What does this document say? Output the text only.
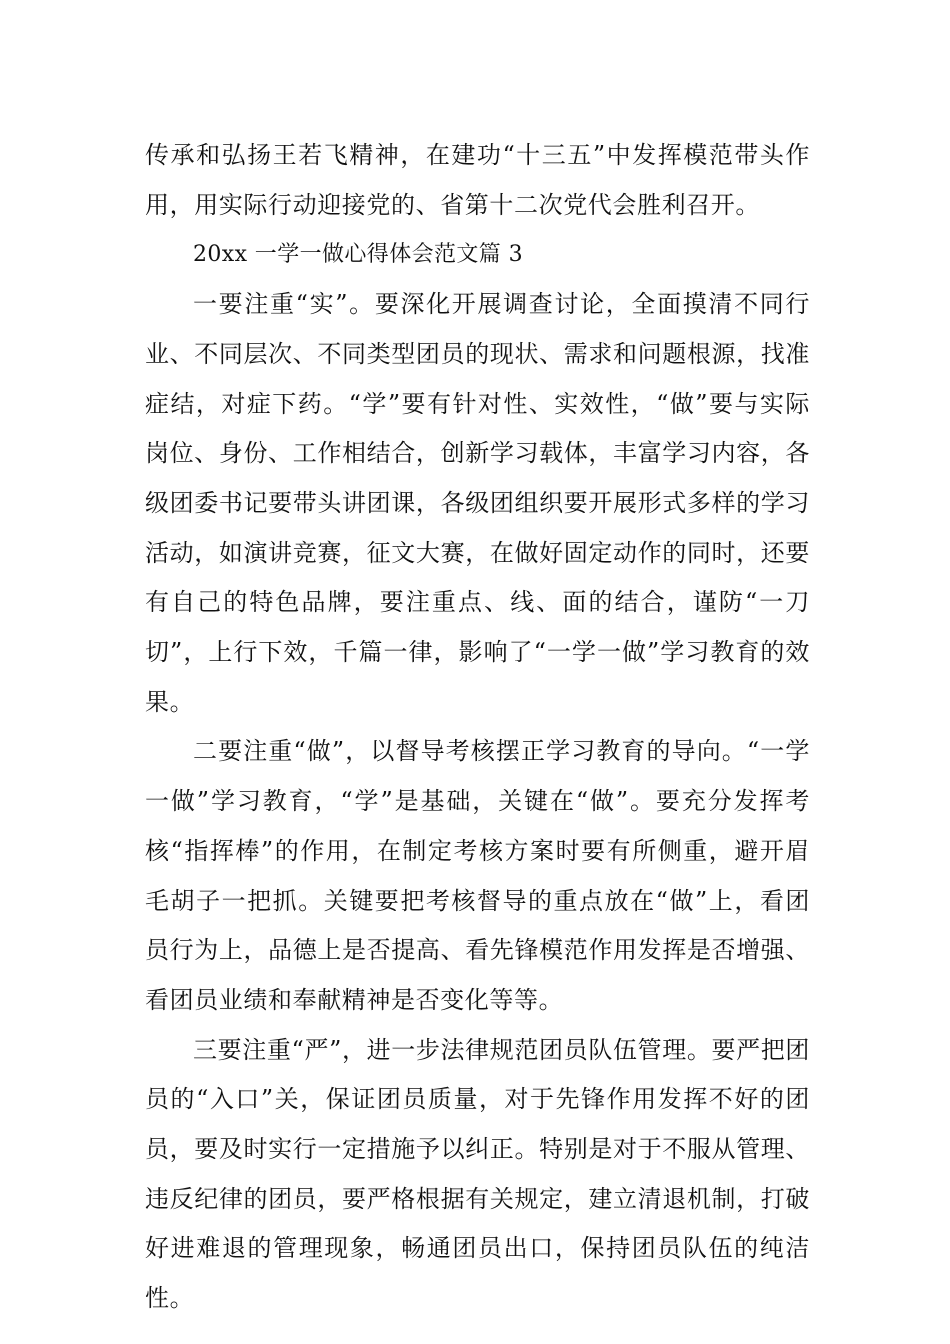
传承和弘扬王若飞精神，在建功“十三五”中发挥模范带头作用，用实际行动迎接党的、省第十二次党代会胜利召开。

20xx 一学一做心得体会范文篇 3

一要注重“实”。要深化开展调查讨论，全面摸清不同行业、不同层次、不同类型团员的现状、需求和问题根源，找准症结，对症下药。“学”要有针对性、实效性，“做”要与实际岗位、身份、工作相结合，创新学习载体，丰富学习内容，各级团委书记要带头讲团课，各级团组织要开展形式多样的学习活动，如演讲竞赛，征文大赛，在做好固定动作的同时，还要有自己的特色品牌，要注重点、线、面的结合，谨防“一刀切”，上行下效，千篇一律，影响了“一学一做”学习教育的效果。

二要注重“做”，以督导考核摆正学习教育的导向。“一学一做”学习教育，“学”是基础，关键在“做”。要充分发挥考核“指挥棒”的作用，在制定考核方案时要有所侧重，避开眉毛胡子一把抓。关键要把考核督导的重点放在“做”上，看团员行为上，品德上是否提高、看先锋模范作用发挥是否增强、看团员业绩和奉献精神是否变化等等。

三要注重“严”，进一步法律规范团员队伍管理。要严把团员的“入口”关，保证团员质量，对于先锋作用发挥不好的团员，要及时实行一定措施予以纠正。特别是对于不服从管理、违反纪律的团员，要严格根据有关规定，建立清退机制，打破好进难退的管理现象，畅通团员出口，保持团员队伍的纯洁性。
